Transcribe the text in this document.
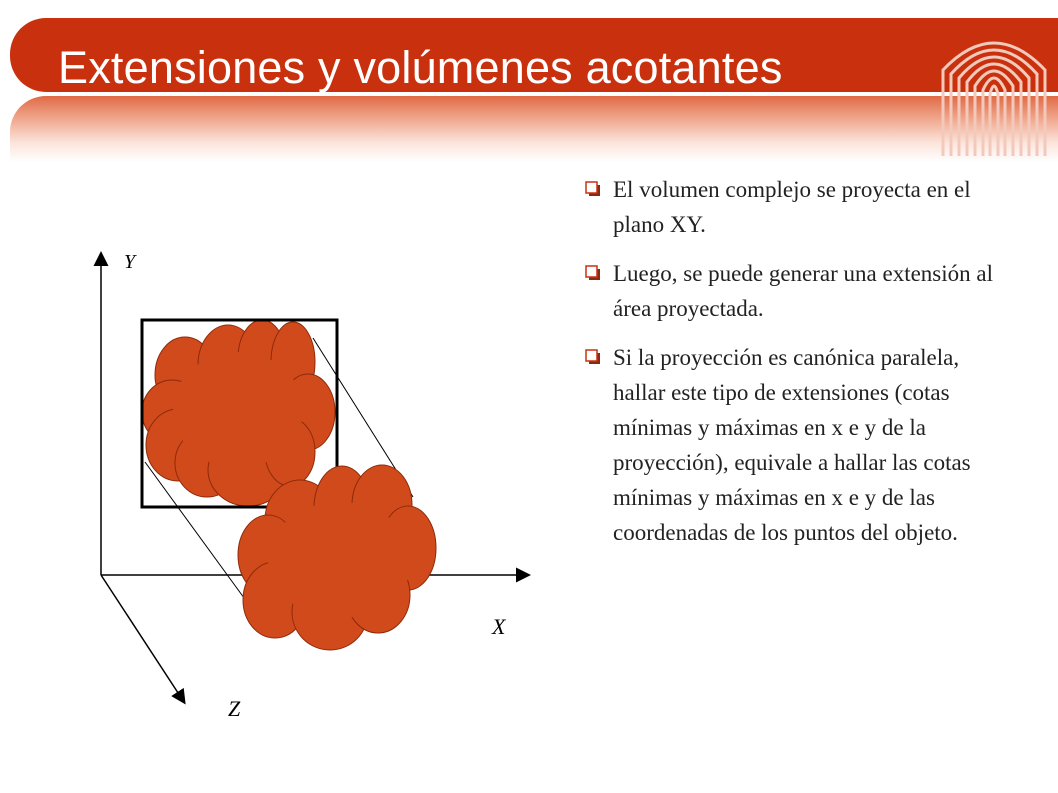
Extensiones y volúmenes acotantes
Y
X
Z
El volumen complejo se proyecta en el plano XY.
Luego, se puede generar una extensión al área proyectada.
Si la proyección es canónica paralela, hallar este tipo de extensiones (cotas mínimas y máximas en x e y de la proyección), equivale a hallar las cotas mínimas y máximas en x e y de las coordenadas de los puntos del objeto.
